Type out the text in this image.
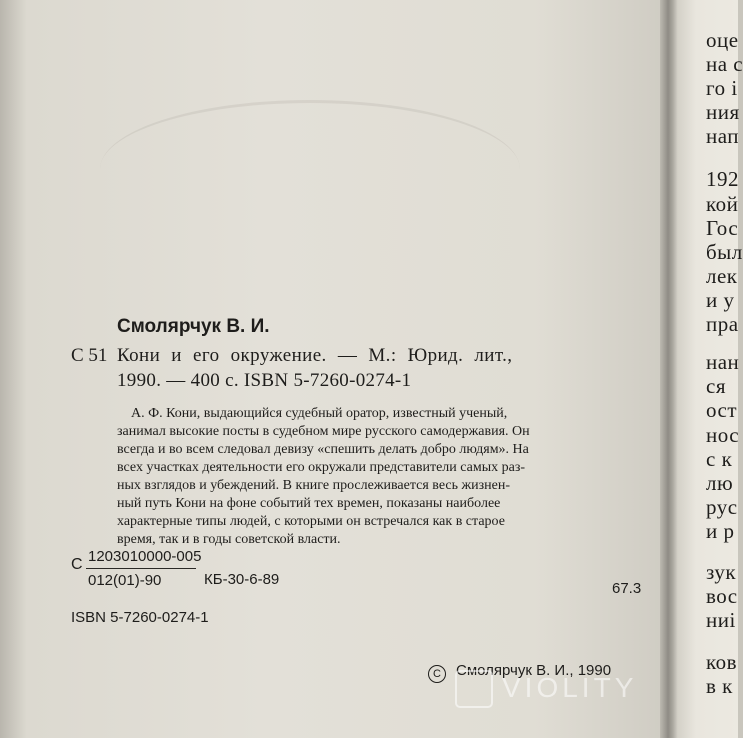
оце
на с
го і
ния
нап
192
кой
Гос
был
лек
и у
пра
нан
ся
ост
нос
с к
лю
рус
и р
зук
вос
ниі
ков
в к
Смолярчук В. И.
С 51 Кони и его окружение. — М.: Юрид. лит.,
1990. — 400 с. ISBN 5-7260-0274-1
А. Ф. Кони, выдающийся судебный оратор, известный ученый,
занимал высокие посты в судебном мире русского самодержавия. Он
всегда и во всем следовал девизу «спешить делать добро людям». На
всех участках деятельности его окружали представители самых раз-
ных взглядов и убеждений. В книге прослеживается весь жизнен-
ный путь Кони на фоне событий тех времен, показаны наиболее
характерные типы людей, с которыми он встречался как в старое
время, так и в годы советской власти.
С 1203010000-005
012(01)-90	КБ-30-6-89
67.3
ISBN 5-7260-0274-1
C Смолярчук В. И., 1990
VIOLITY
